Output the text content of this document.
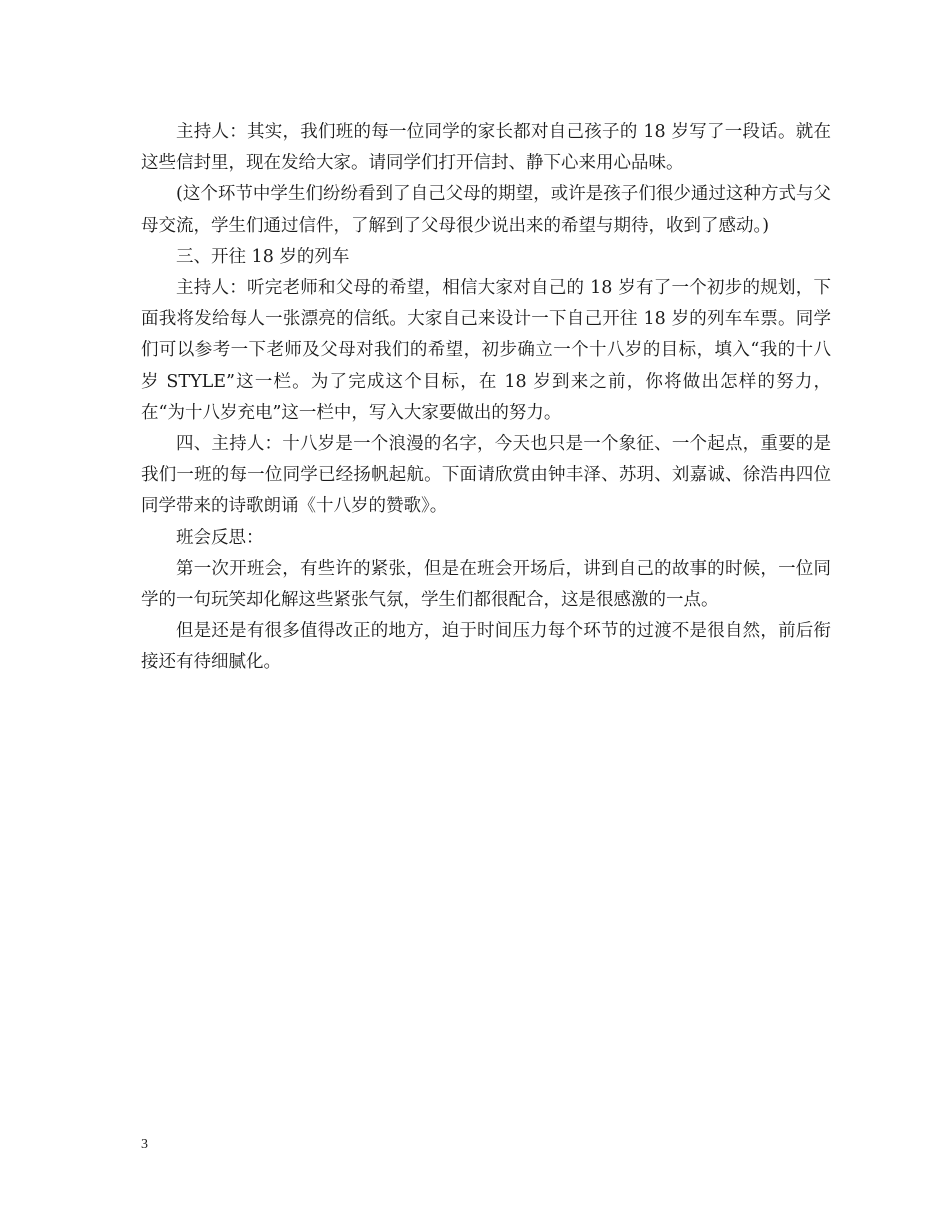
主持人：其实，我们班的每一位同学的家长都对自己孩子的 18 岁写了一段话。就在这些信封里，现在发给大家。请同学们打开信封、静下心来用心品味。

(这个环节中学生们纷纷看到了自己父母的期望，或许是孩子们很少通过这种方式与父母交流，学生们通过信件，了解到了父母很少说出来的希望与期待，收到了感动。)

三、开往 18 岁的列车

主持人：听完老师和父母的希望，相信大家对自己的 18 岁有了一个初步的规划，下面我将发给每人一张漂亮的信纸。大家自己来设计一下自己开往 18 岁的列车车票。同学们可以参考一下老师及父母对我们的希望，初步确立一个十八岁的目标，填入“我的十八岁 STYLE”这一栏。为了完成这个目标，在 18 岁到来之前，你将做出怎样的努力，在“为十八岁充电”这一栏中，写入大家要做出的努力。

四、主持人：十八岁是一个浪漫的名字，今天也只是一个象征、一个起点，重要的是我们一班的每一位同学已经扬帆起航。下面请欣赏由钟丰泽、苏玥、刘嘉诚、徐浩冉四位同学带来的诗歌朗诵《十八岁的赞歌》。

班会反思：

第一次开班会，有些许的紧张，但是在班会开场后，讲到自己的故事的时候，一位同学的一句玩笑却化解这些紧张气氛，学生们都很配合，这是很感激的一点。

但是还是有很多值得改正的地方，迫于时间压力每个环节的过渡不是很自然，前后衔接还有待细腻化。

3
